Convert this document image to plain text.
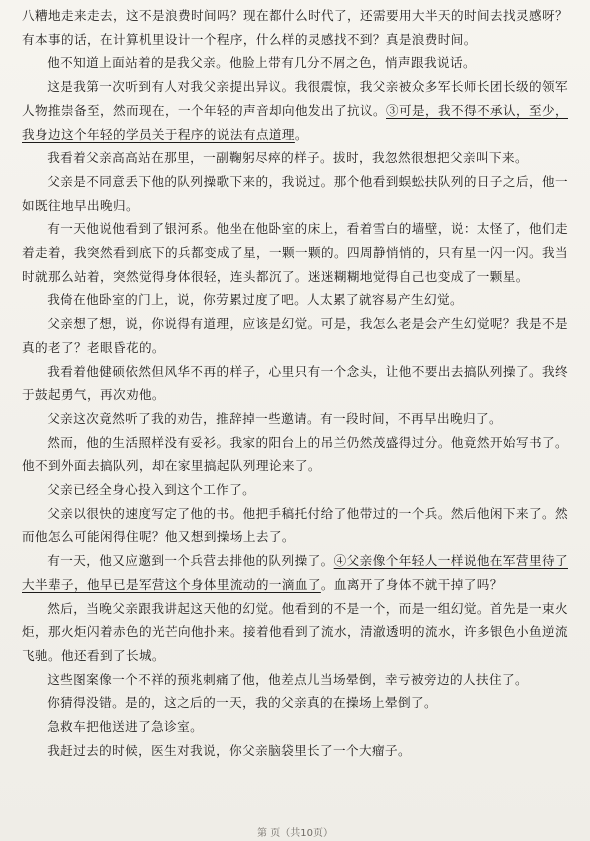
八糟地走来走去，这不是浪费时间吗？现在都什么时代了，还需要用大半天的时间去找灵感呀？有本事的话，在计算机里设计一个程序，什么样的灵感找不到？真是浪费时间。

他不知道上面站着的是我父亲。他脸上带有几分不屑之色，悄声跟我说话。

这是我第一次听到有人对我父亲提出异议。我很震惊，我父亲被众多军长师长团长级的领军人物推崇备至，然而现在，一个年轻的声音却向他发出了抗议。③可是，我不得不承认，至少，我身边这个年轻的学员关于程序的说法有点道理。

我看着父亲高高站在那里，一副鞠躬尽瘁的样子。拔时，我忽然很想把父亲叫下来。

父亲是不同意丢下他的队列操歌下来的，我说过。那个他看到蜈蚣扶队列的日子之后，他一如既往地早出晚归。

有一天他说他看到了银河系。他坐在他卧室的床上，看着雪白的墙壁，说：太怪了，他们走着走着，我突然看到底下的兵都变成了星，一颗一颗的。四周静悄悄的，只有星一闪一闪。我当时就那么站着，突然觉得身体很轻，连头都沉了。迷迷糊糊地觉得自己也变成了一颗星。

我倚在他卧室的门上，说，你劳累过度了吧。人太累了就容易产生幻觉。

父亲想了想，说，你说得有道理，应该是幻觉。可是，我怎么老是会产生幻觉呢？我是不是真的老了？老眼昏花的。

我看着他健硕依然但风华不再的样子，心里只有一个念头，让他不要出去搞队列操了。我终于鼓起勇气，再次劝他。

父亲这次竟然听了我的劝告，推辞掉一些邀请。有一段时间，不再早出晚归了。

然而，他的生活照样没有妥衫。我家的阳台上的吊兰仍然茂盛得过分。他竟然开始写书了。他不到外面去搞队列，却在家里搞起队列理论来了。

父亲已经全身心投入到这个工作了。

父亲以很快的速度写定了他的书。他把手稿托付给了他带过的一个兵。然后他闲下来了。然而他怎么可能闲得住呢？他又想到操场上去了。

有一天，他又应邀到一个兵营去排他的队列操了。④父亲像个年轻人一样说他在军营里待了大半辈子，他早已是军营这个身体里流动的一滴血了。血离开了身体不就干掉了吗？

然后，当晚父亲跟我讲起这天他的幻觉。他看到的不是一个，而是一组幻觉。首先是一束火炬，那火炬闪着赤色的光芒向他扑来。接着他看到了流水，清澈透明的流水，许多银色小鱼逆流飞驰。他还看到了长城。

这些图案像一个不祥的预兆刺痛了他，他差点儿当场晕倒，幸亏被旁边的人扶住了。

你猜得没错。是的，这之后的一天，我的父亲真的在操场上晕倒了。

急救车把他送进了急诊室。

我赶过去的时候，医生对我说，你父亲脑袋里长了一个大瘤子。

第 页（共10页）
